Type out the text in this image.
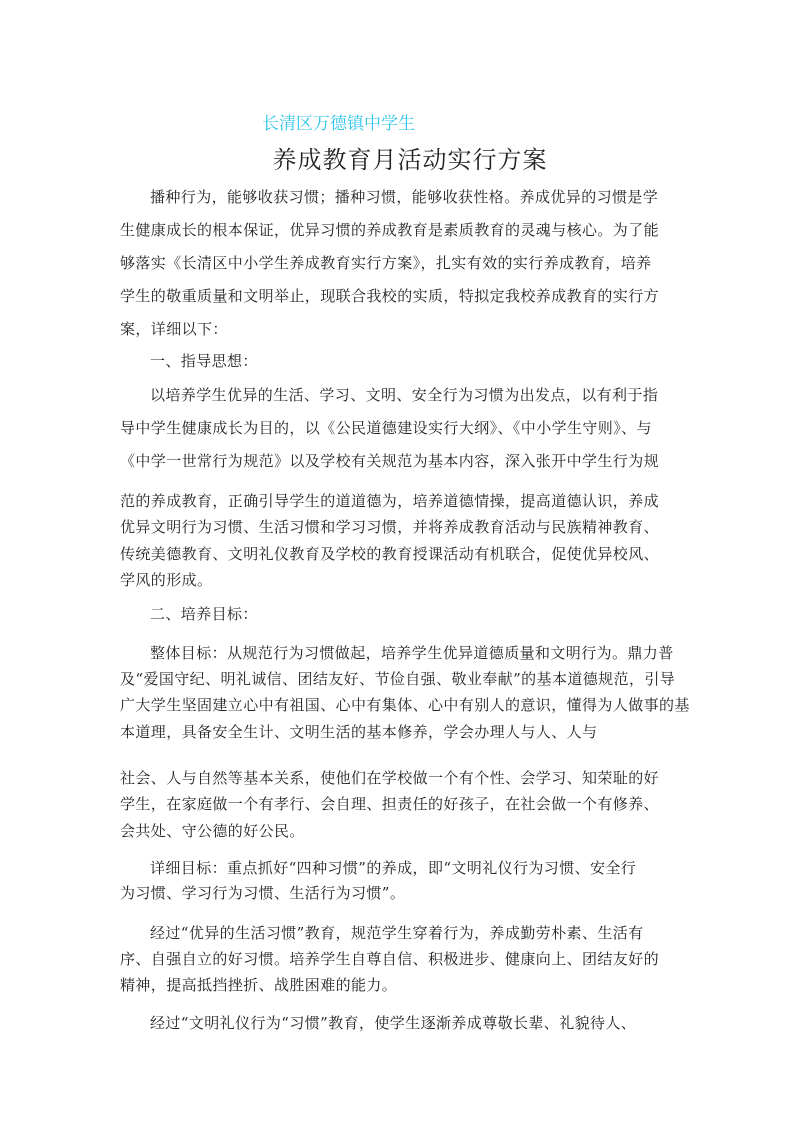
长清区万德镇中学生
养成教育月活动实行方案
播种行为，能够收获习惯；播种习惯，能够收获性格。养成优异的习惯是学
生健康成长的根本保证，优异习惯的养成教育是素质教育的灵魂与核心。为了能
够落实《长清区中小学生养成教育实行方案》，扎实有效的实行养成教育，培养
学生的敬重质量和文明举止，现联合我校的实质，特拟定我校养成教育的实行方
案，详细以下：
一、指导思想：
以培养学生优异的生活、学习、文明、安全行为习惯为出发点，以有利于指
导中学生健康成长为目的，以《公民道德建设实行大纲》、《中小学生守则》、与
《中学一世常行为规范》以及学校有关规范为基本内容，深入张开中学生行为规
范的养成教育，正确引导学生的道道德为，培养道德情操，提高道德认识，养成
优异文明行为习惯、生活习惯和学习习惯，并将养成教育活动与民族精神教育、
传统美德教育、文明礼仪教育及学校的教育授课活动有机联合，促使优异校风、
学风的形成。
二、培养目标：
整体目标：从规范行为习惯做起，培养学生优异道德质量和文明行为。鼎力普
及“爱国守纪、明礼诚信、团结友好、节俭自强、敬业奉献”的基本道德规范，引导
广大学生坚固建立心中有祖国、心中有集体、心中有别人的意识，懂得为人做事的基
本道理，具备安全生计、文明生活的基本修养，学会办理人与人、人与
社会、人与自然等基本关系，使他们在学校做一个有个性、会学习、知荣耻的好
学生，在家庭做一个有孝行、会自理、担责任的好孩子，在社会做一个有修养、
会共处、守公德的好公民。
详细目标：重点抓好“四种习惯”的养成，即“文明礼仪行为习惯、安全行
为习惯、学习行为习惯、生活行为习惯”。
经过“优异的生活习惯”教育，规范学生穿着行为，养成勤劳朴素、生活有
序、自强自立的好习惯。培养学生自尊自信、积极进步、健康向上、团结友好的
精神，提高抵挡挫折、战胜困难的能力。
经过“文明礼仪行为“习惯”教育，使学生逐渐养成尊敬长辈、礼貌待人、
